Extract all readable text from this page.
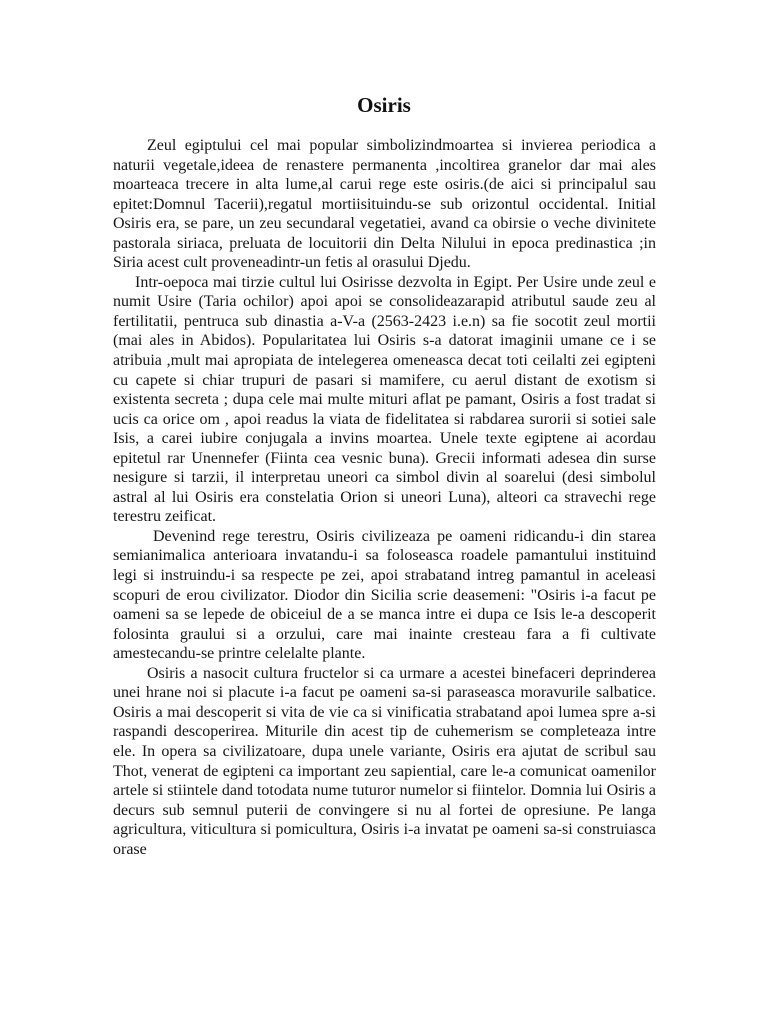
Osiris

Zeul egiptului cel mai popular simbolizindmoartea si invierea periodica a naturii vegetale,ideea de renastere permanenta ,incoltirea granelor dar mai ales moarteaca trecere in alta lume,al carui rege este osiris.(de aici si principalul sau epitet:Domnul Tacerii),regatul mortiisituindu-se sub orizontul occidental. Initial Osiris era, se pare, un zeu secundaral vegetatiei, avand ca obirsie o veche divinitete pastorala siriaca, preluata de locuitorii din Delta Nilului in epoca predinastica ;in Siria acest cult proveneadintr-un fetis al orasului Djedu.

Intr-oepoca mai tirzie cultul lui Osirisse dezvolta in Egipt. Per Usire unde zeul e numit Usire (Taria ochilor) apoi apoi se consolideazarapid atributul saude zeu al fertilitatii, pentruca sub dinastia a-V-a (2563-2423 i.e.n) sa fie socotit zeul mortii (mai ales in Abidos). Popularitatea lui Osiris s-a datorat imaginii umane ce i se atribuia ,mult mai apropiata de intelegerea omeneasca decat toti ceilalti zei egipteni cu capete si chiar trupuri de pasari si mamifere, cu aerul distant de exotism si existenta secreta ; dupa cele mai multe mituri aflat pe pamant, Osiris a fost tradat si ucis ca orice om , apoi readus la viata de fidelitatea si rabdarea surorii si sotiei sale Isis, a carei iubire conjugala a invins moartea. Unele texte egiptene ai acordau epitetul rar Unennefer (Fiinta cea vesnic buna). Grecii informati adesea din surse nesigure si tarzii, il interpretau uneori ca simbol divin al soarelui (desi simbolul astral al lui Osiris era constelatia Orion si uneori Luna), alteori ca stravechi rege terestru zeificat.

Devenind rege terestru, Osiris civilizeaza pe oameni ridicandu-i din starea semianimalica anterioara invatandu-i sa foloseasca roadele pamantului instituind legi si instruindu-i sa respecte pe zei, apoi strabatand intreg pamantul in aceleasi scopuri de erou civilizator. Diodor din Sicilia scrie deasemeni: "Osiris i-a facut pe oameni sa se lepede de obiceiul de a se manca intre ei dupa ce Isis le-a descoperit folosinta graului si a orzului, care mai inainte cresteau fara a fi cultivate amestecandu-se printre celelalte plante.

Osiris a nasocit cultura fructelor si ca urmare a acestei binefaceri deprinderea unei hrane noi si placute i-a facut pe oameni sa-si paraseasca moravurile salbatice. Osiris a mai descoperit si vita de vie ca si vinificatia strabatand apoi lumea spre a-si raspandi descoperirea. Miturile din acest tip de cuhemerism se completeaza intre ele. In opera sa civilizatoare, dupa unele variante, Osiris era ajutat de scribul sau Thot, venerat de egipteni ca important zeu sapiential, care le-a comunicat oamenilor artele si stiintele dand totodata nume tuturor numelor si fiintelor. Domnia lui Osiris a decurs sub semnul puterii de convingere si nu al fortei de opresiune. Pe langa agricultura, viticultura si pomicultura, Osiris i-a invatat pe oameni sa-si construiasca orase
